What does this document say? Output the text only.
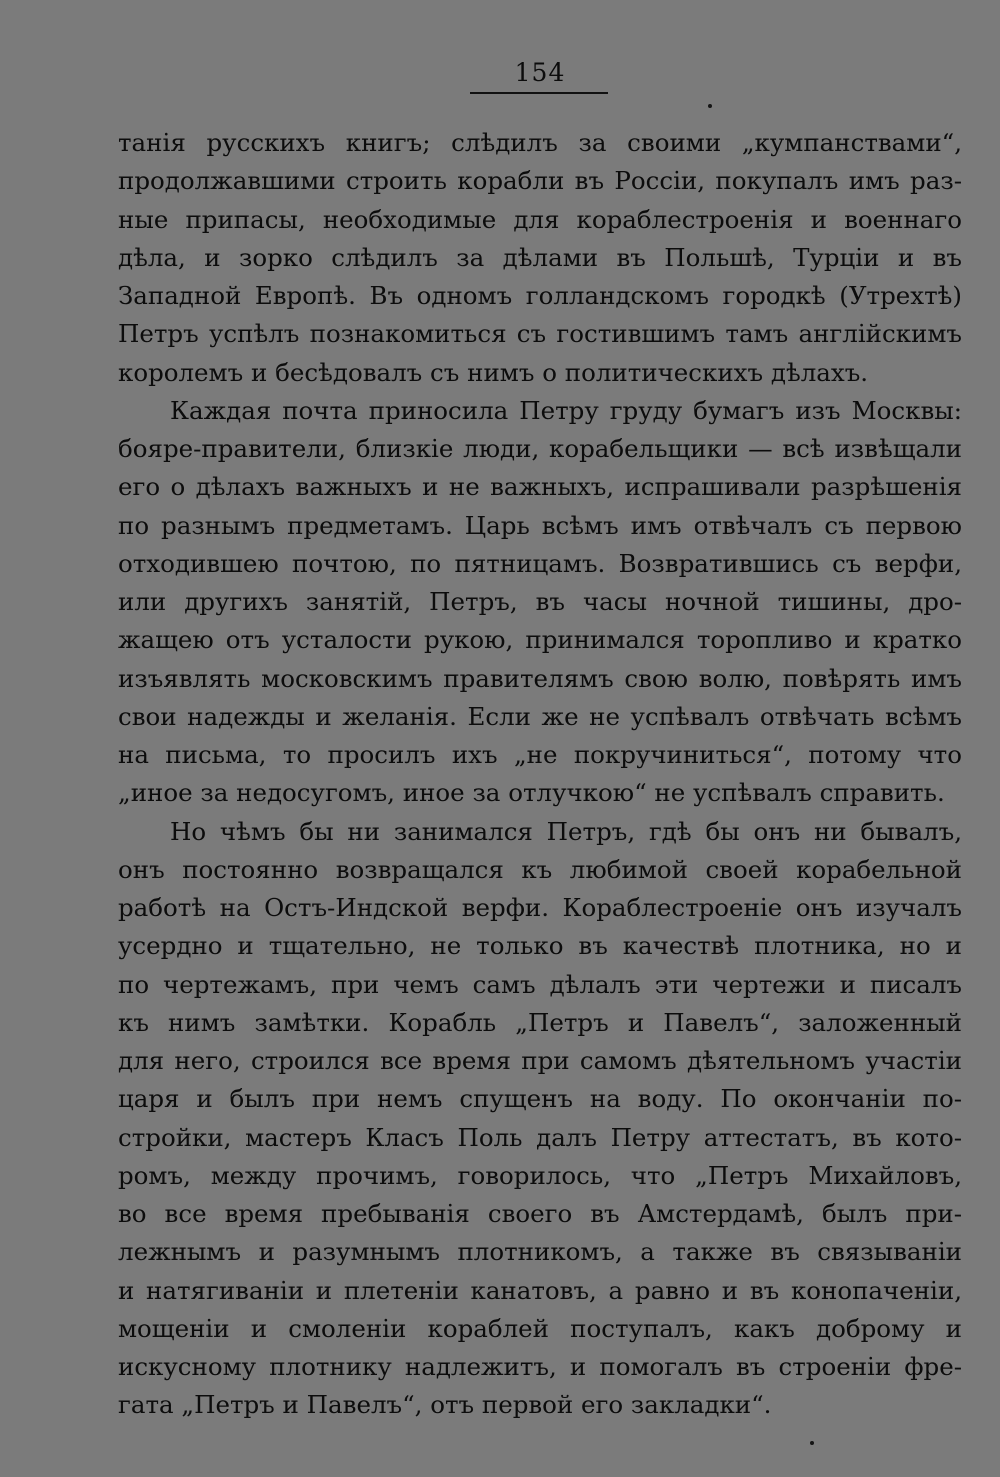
154
танія русскихъ книгъ; слѣдилъ за своими „кумпанствами“,
продолжавшими строить корабли въ Россіи, покупалъ имъ раз-
ные припасы, необходимые для кораблестроенія и военнаго
дѣла, и зорко слѣдилъ за дѣлами въ Польшѣ, Турціи и въ
Западной Европѣ. Въ одномъ голландскомъ городкѣ (Утрехтѣ)
Петръ успѣлъ познакомиться съ гостившимъ тамъ англійскимъ
королемъ и бесѣдовалъ съ нимъ о политическихъ дѣлахъ.
Каждая почта приносила Петру груду бумагъ изъ Москвы:
бояре-правители, близкіе люди, корабельщики — всѣ извѣщали
его о дѣлахъ важныхъ и не важныхъ, испрашивали разрѣшенія
по разнымъ предметамъ. Царь всѣмъ имъ отвѣчалъ съ первою
отходившею почтою, по пятницамъ. Возвратившись съ верфи,
или другихъ занятій, Петръ, въ часы ночной тишины, дро-
жащею отъ усталости рукою, принимался торопливо и кратко
изъявлять московскимъ правителямъ свою волю, повѣрять имъ
свои надежды и желанія. Если же не успѣвалъ отвѣчать всѣмъ
на письма, то просилъ ихъ „не покручиниться“, потому что
„иное за недосугомъ, иное за отлучкою“ не успѣвалъ справить.
Но чѣмъ бы ни занимался Петръ, гдѣ бы онъ ни бывалъ,
онъ постоянно возвращался къ любимой своей корабельной
работѣ на Остъ-Индской верфи. Кораблестроеніе онъ изучалъ
усердно и тщательно, не только въ качествѣ плотника, но и
по чертежамъ, при чемъ самъ дѣлалъ эти чертежи и писалъ
къ нимъ замѣтки. Корабль „Петръ и Павелъ“, заложенный
для него, строился все время при самомъ дѣятельномъ участіи
царя и былъ при немъ спущенъ на воду. По окончаніи по-
стройки, мастеръ Класъ Поль далъ Петру аттестатъ, въ кото-
ромъ, между прочимъ, говорилось, что „Петръ Михайловъ,
во все время пребыванія своего въ Амстердамѣ, былъ при-
лежнымъ и разумнымъ плотникомъ, а также въ связываніи
и натягиваніи и плетеніи канатовъ, а равно и въ конопаченіи,
мощеніи и смоленіи кораблей поступалъ, какъ доброму и
искусному плотнику надлежитъ, и помогалъ въ строеніи фре-
гата „Петръ и Павелъ“, отъ первой его закладки“.
